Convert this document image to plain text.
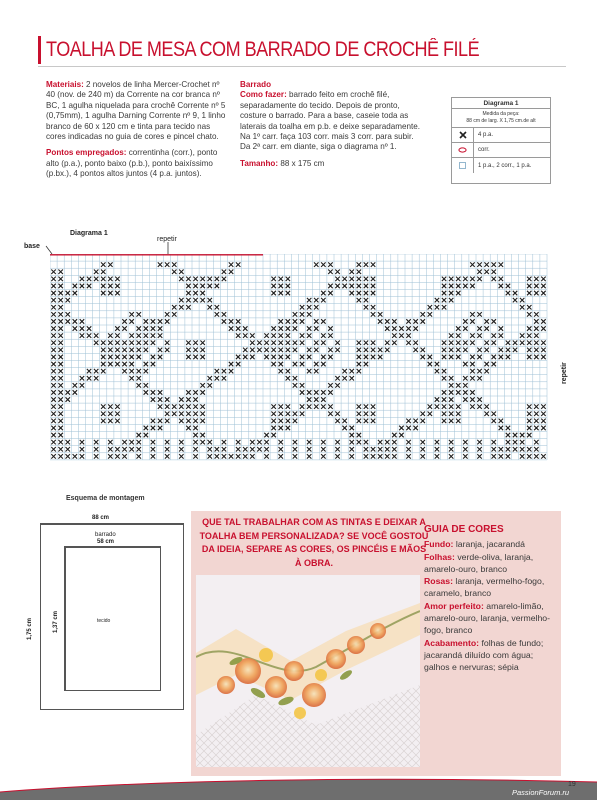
TOALHA DE MESA COM BARRADO DE CROCHÊ FILÉ

Materiais: 2 novelos de linha Mercer-Crochet nº 40 (nov. de 240 m) da Corrente na cor branca nº BC, 1 agulha niquelada para crochê Corrente nº 5 (0,75mm), 1 agulha Darning Corrente nº 9, 1 linho branco de 60 x 120 cm e tinta para tecido nas cores indicadas no guia de cores e pincel chato.

Pontos empregados: correntinha (corr.), ponto alto (p.a.), ponto baixo (p.b.), ponto baixíssimo (p.bx.), 4 pontos altos juntos (4 p.a. juntos).

Barrado

Como fazer: barrado feito em crochê filé, separadamente do tecido. Depois de pronto, costure o barrado. Para a base, caseie toda as laterais da toalha em p.b. e deixe separadamente. Na 1º carr. faça 103 corr. mais 3 corr. para subir. Da 2ª carr. em diante, siga o diagrama nº 1.

Tamanho: 88 x 175 cm

Diagrama 1
Medida da peça:
88 cm de larg. X 1,75 cm.de alt
4 p.a.
corr.
1 p.a., 2 corr., 1 p.a.
Diagrama 1
repetir
base
repetir
Esquema de montagem
88 cm
barrado
58 cm
1,75 cm	1,37 cm	tecido
QUE TAL TRABALHAR COM AS TINTAS E DEIXAR A TOALHA BEM PERSONALIZADA? SE VOCÊ GOSTOU DA IDEIA, SEPARE AS CORES, OS PINCÉIS E MÃOS À OBRA.
GUIA DE CORES
Fundo: laranja, jacarandá
Folhas: verde-oliva, laranja, amarelo-ouro, branco
Rosas: laranja, vermelho-fogo, caramelo, branco
Amor perfeito: amarelo-limão, amarelo-ouro, laranja, vermelho-fogo, branco
Acabamento: folhas de fundo; jacarandá diluído com água; galhos e nervuras; sépia
19
PassionForum.ru
